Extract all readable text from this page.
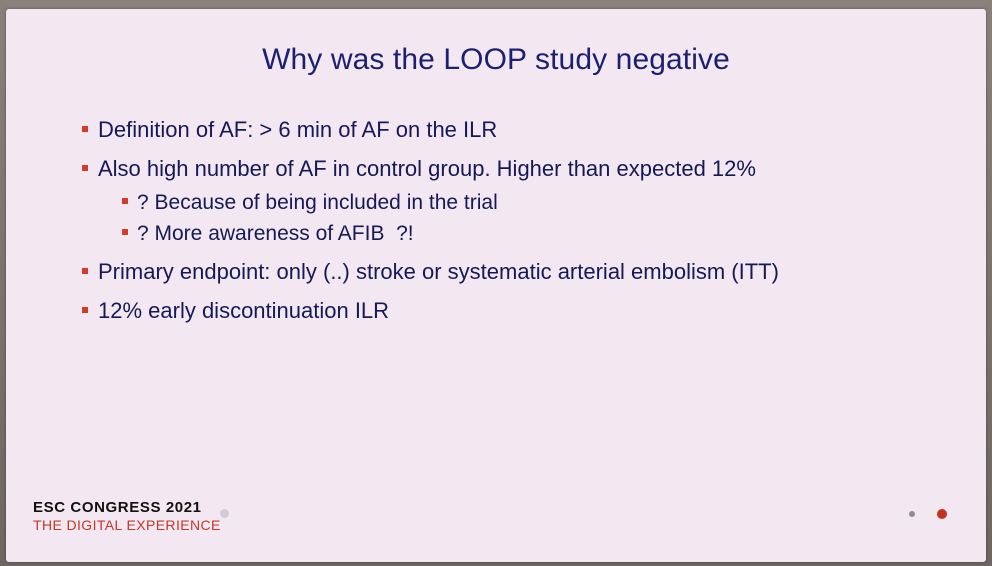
Why was the LOOP study negative
Definition of AF: > 6 min of AF on the ILR
Also high number of AF in control group. Higher than expected 12%
? Because of being included in the trial
? More awareness of AFIB  ?!
Primary endpoint: only (..) stroke or systematic arterial embolism (ITT)
12% early discontinuation ILR
ESC CONGRESS 2021
THE DIGITAL EXPERIENCE
